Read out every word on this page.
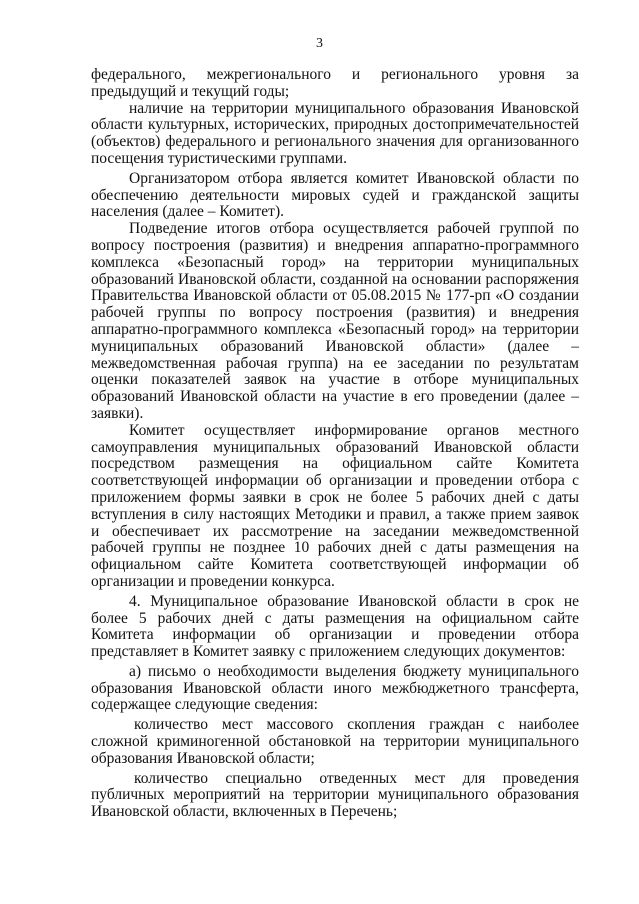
3

федерального, межрегионального и регионального уровня за предыдущий и текущий годы;

наличие на территории муниципального образования Ивановской области культурных, исторических, природных достопримечательностей (объектов) федерального и регионального значения для организованного посещения туристическими группами.

Организатором отбора является комитет Ивановской области по обеспечению деятельности мировых судей и гражданской защиты населения (далее – Комитет).

Подведение итогов отбора осуществляется рабочей группой по вопросу построения (развития) и внедрения аппаратно-программного комплекса «Безопасный город» на территории муниципальных образований Ивановской области, созданной на основании распоряжения Правительства Ивановской области от 05.08.2015 № 177-рп «О создании рабочей группы по вопросу построения (развития) и внедрения аппаратно-программного комплекса «Безопасный город» на территории муниципальных образований Ивановской области» (далее – межведомственная рабочая группа) на ее заседании по результатам оценки показателей заявок на участие в отборе муниципальных образований Ивановской области на участие в его проведении (далее – заявки).

Комитет осуществляет информирование органов местного самоуправления муниципальных образований Ивановской области посредством размещения на официальном сайте Комитета соответствующей информации об организации и проведении отбора с приложением формы заявки в срок не более 5 рабочих дней с даты вступления в силу настоящих Методики и правил, а также прием заявок и обеспечивает их рассмотрение на заседании межведомственной рабочей группы не позднее 10 рабочих дней с даты размещения на официальном сайте Комитета соответствующей информации об организации и проведении конкурса.

4. Муниципальное образование Ивановской области в срок не более 5 рабочих дней с даты размещения на официальном сайте Комитета информации об организации и проведении отбора представляет в Комитет заявку с приложением следующих документов:

а) письмо о необходимости выделения бюджету муниципального образования Ивановской области иного межбюджетного трансферта, содержащее следующие сведения:

количество мест массового скопления граждан с наиболее сложной криминогенной обстановкой на территории муниципального образования Ивановской области;

количество специально отведенных мест для проведения публичных мероприятий на территории муниципального образования Ивановской области, включенных в Перечень;
